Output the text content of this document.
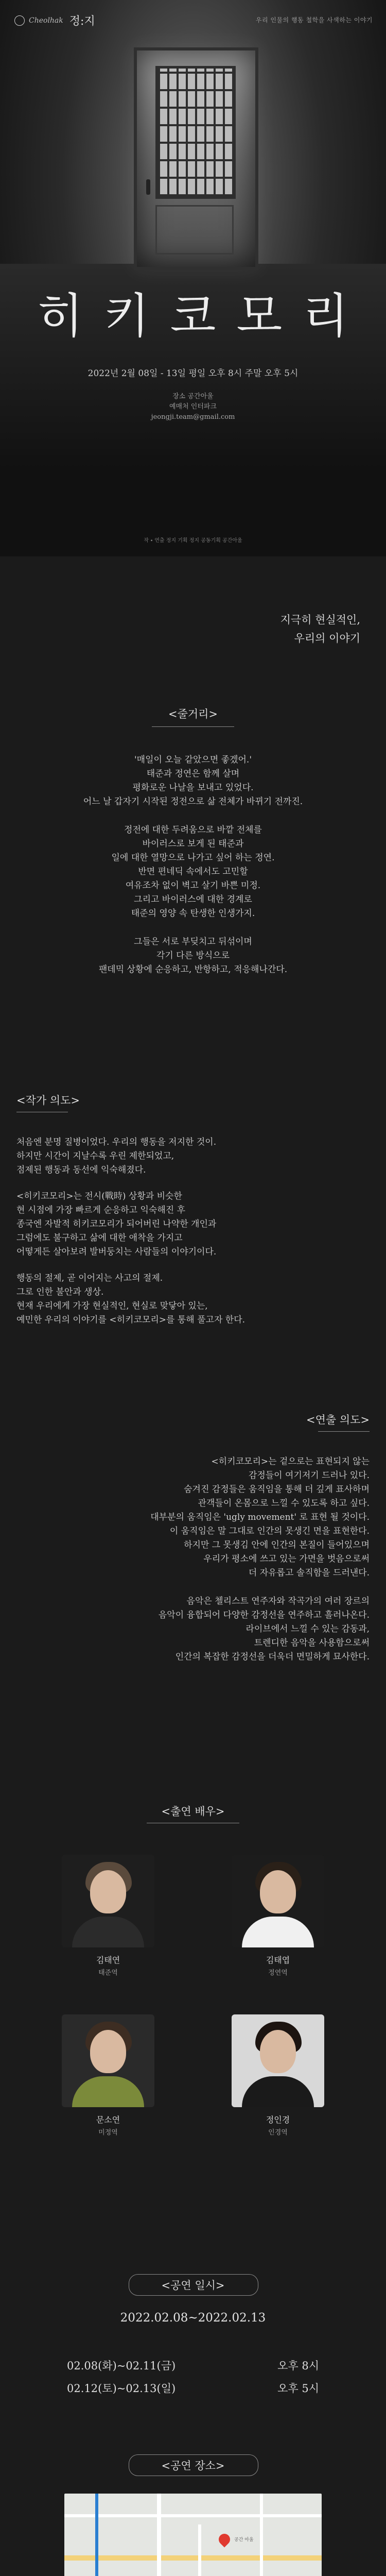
Cheolhak 정:지	우리 인물의 행동 철학을 사색하는 이야기
히키코모리
2022년 2월 08일 - 13일 평일 오후 8시 주말 오후 5시
장소 공간아울
예매처 인터파크
jeongji.team@gmail.com
작 ∙ 연출 정지 기획 정지 공동기획 공간아울
지극히 현실적인,
우리의 이야기
<줄거리>
'매일이 오늘 같았으면 좋겠어.'
태준과 정연은 함께 살며
평화로운 나날을 보내고 있었다.
어느 날 갑자기 시작된 정전으로 삶 전체가 바뀌기 전까진.
정전에 대한 두려움으로 바깥 전체를
바이러스로 보게 된 태준과
일에 대한 열망으로 나가고 싶어 하는 정연.
반면 편네딕 속에서도 고민할
여유조차 없이 벽고 살기 바쁜 미정.
그리고 바이러스에 대한 경계로
태준의 영양 속 탄생한 인생가지.
그들은 서로 부딪치고 뒤섞이며
각기 다른 방식으로
팬데믹 상황에 순응하고, 반항하고, 적응해나간다.
<작가 의도>
처음엔 분명 질병이었다. 우리의 행동을 저지한 것이.
하지만 시간이 지날수록 우린 제한되었고,
점제된 행동과 동선에 익숙해졌다.
<히키코모리>는 전시(戰時) 상황과 비슷한
현 시점에 가장 빠르게 순응하고 익숙해진 후
종국엔 자발적 히키코모리가 되어버린 나약한 개인과
그럼에도 불구하고 삶에 대한 애착을 가지고
어떻게든 살아보려 발버둥치는 사람들의 이야기이다.
행동의 절제, 곧 이어지는 사고의 절제.
그로 인한 불안과 생상.
현재 우리에게 가장 현실적인, 현실로 맞닿아 있는,
예민한 우리의 이야기를 <히키코모리>를 통해 풀고자 한다.
<연출 의도>
<히키코모리>는 겉으로는 표현되지 않는
감정들이 여기저기 드러나 있다.
숨겨진 감정들은 움직임을 통해 더 깊게 표사하며
관객들이 온몸으로 느낄 수 있도록 하고 싶다.
대부분의 움직임은 'ugly movement' 로 표현 될 것이다.
이 움직임은 말 그대로 인간의 못생긴 면을 표현한다.
하지만 그 못생김 안에 인간의 본질이 들어있으며
우리가 평소에 쓰고 있는 가면을 벗음으로써
더 자유롭고 솔직함을 드러낸다.
음악은 첼리스트 연주자와 작곡가의 여러 장르의
음악이 융합되어 다양한 감정선을 연주하고 흘러나온다.
라이브에서 느낄 수 있는 감동과,
트렌디한 음악을 사용함으로써
인간의 복잡한 감정선을 더욱더 면밀하게 묘사한다.
<출연 배우>
김태연
태준역
김태엽
정연역
문소연
미정역
정인경
인경역
<공연 일시>
2022.02.08~2022.02.13
02.08(화)~02.11(금)	오후 8시
02.12(토)~02.13(일)	오후 5시
<공연 장소>
공간 아울
